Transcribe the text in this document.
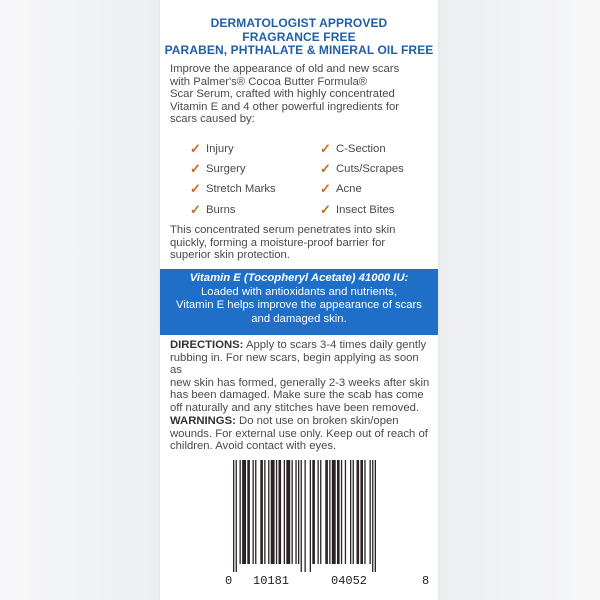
DERMATOLOGIST APPROVED
FRAGRANCE FREE
PARABEN, PHTHALATE & MINERAL OIL FREE
Improve the appearance of old and new scars
with Palmer's® Cocoa Butter Formula®
Scar Serum, crafted with highly concentrated
Vitamin E and 4 other powerful ingredients for
scars caused by:
✓ Injury	✓ C-Section
✓ Surgery	✓ Cuts/Scrapes
✓ Stretch Marks	✓ Acne
✓ Burns	✓ Insect Bites
This concentrated serum penetrates into skin
quickly, forming a moisture-proof barrier for
superior skin protection.
Vitamin E (Tocopheryl Acetate) 41000 IU:
Loaded with antioxidants and nutrients,
Vitamin E helps improve the appearance of scars
and damaged skin.
DIRECTIONS: Apply to scars 3-4 times daily gently
rubbing in. For new scars, begin applying as soon as
new skin has formed, generally 2-3 weeks after skin
has been damaged. Make sure the scab has come
off naturally and any stitches have been removed.
WARNINGS: Do not use on broken skin/open
wounds. For external use only. Keep out of reach of
children. Avoid contact with eyes.
0 10181	04052	8
